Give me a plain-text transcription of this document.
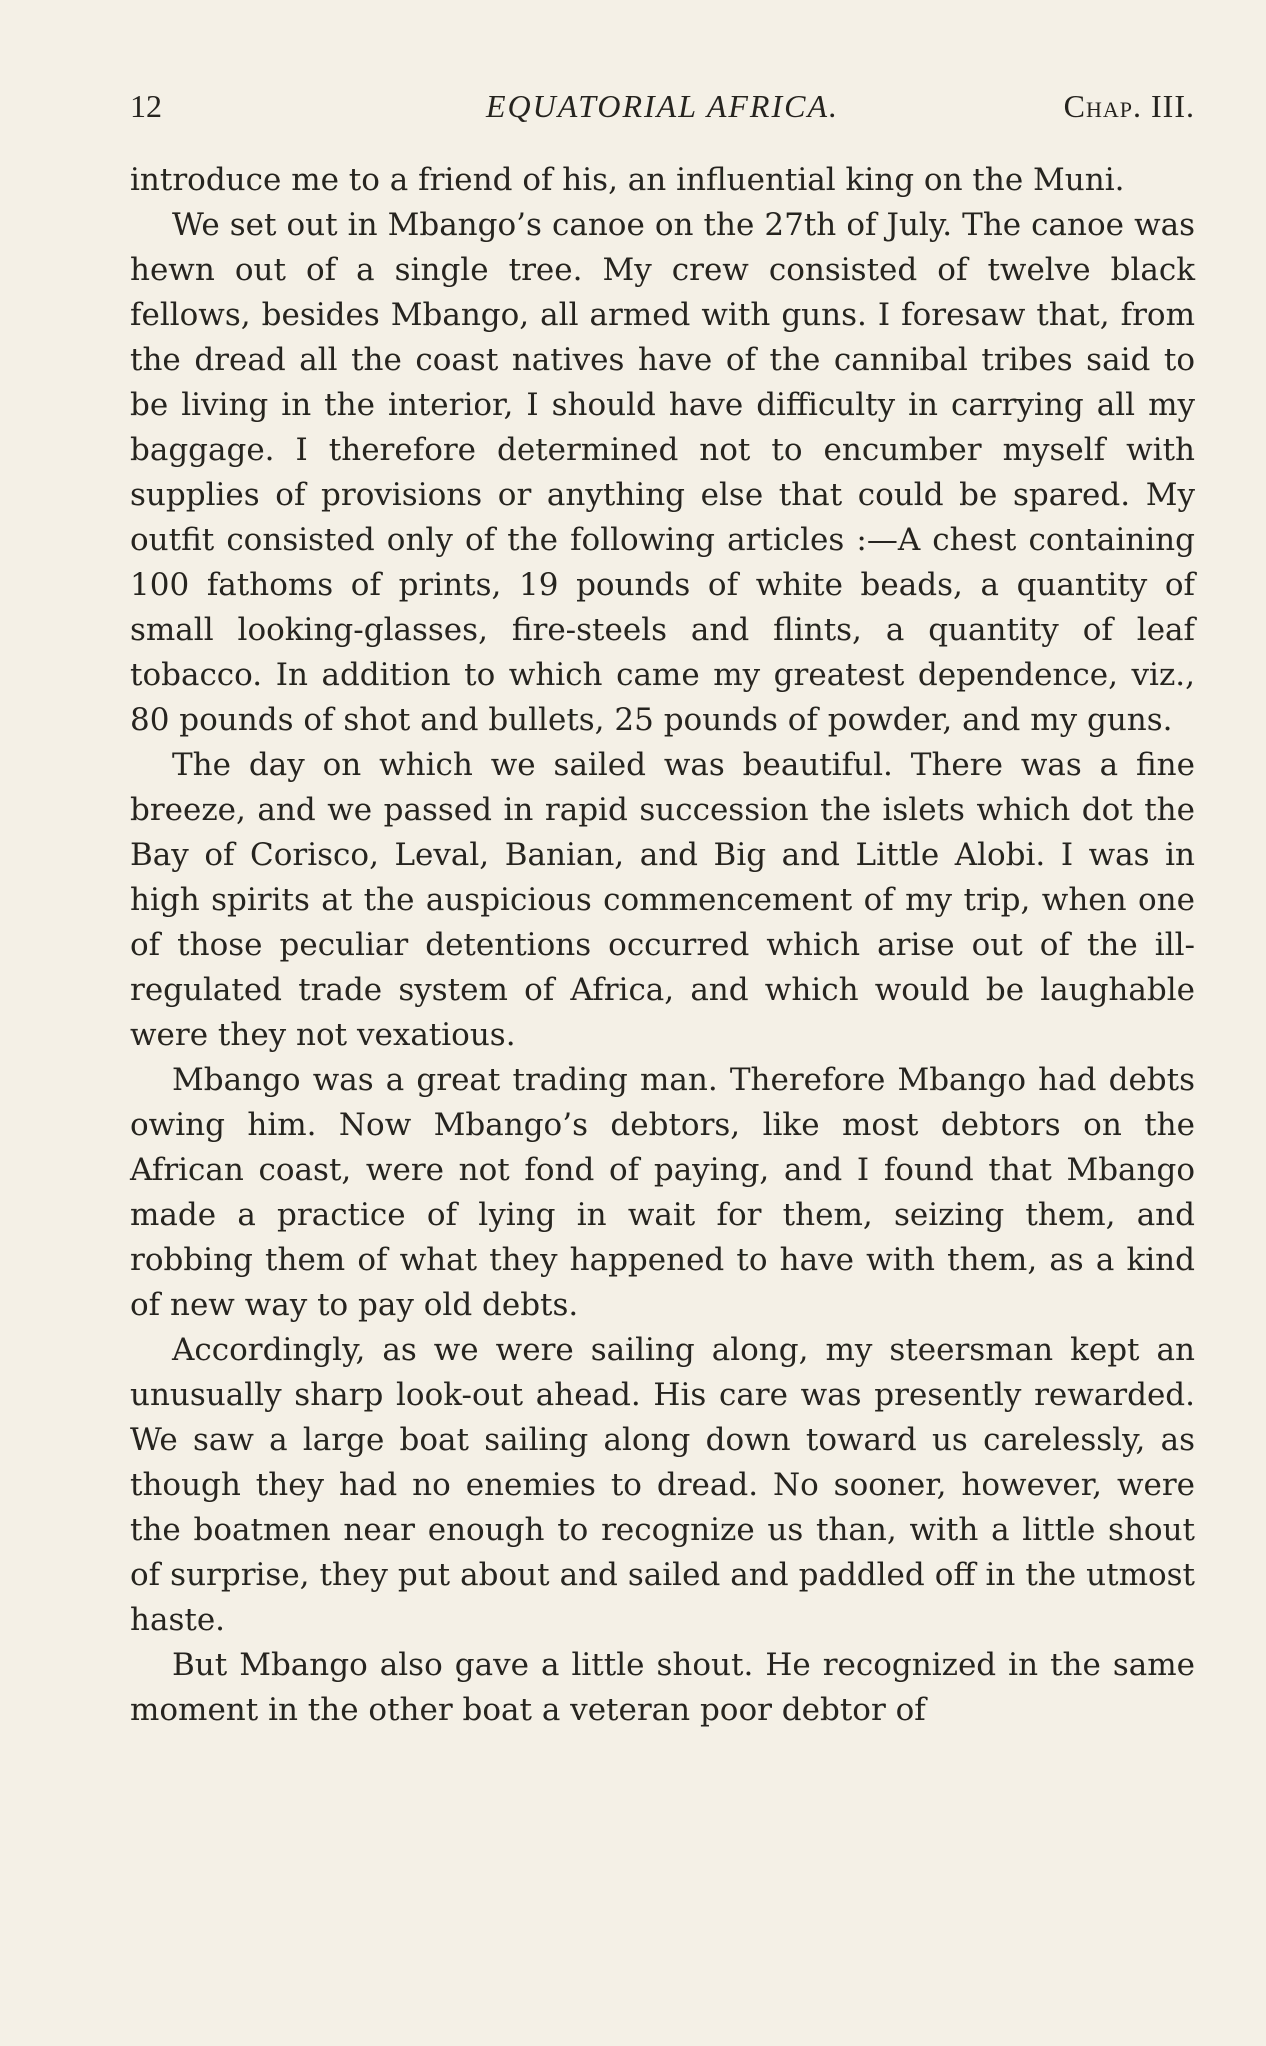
12	EQUATORIAL AFRICA.	Chap. III.

introduce me to a friend of his, an influential king on the Muni.

We set out in Mbango’s canoe on the 27th of July. The canoe was hewn out of a single tree. My crew consisted of twelve black fellows, besides Mbango, all armed with guns. I foresaw that, from the dread all the coast natives have of the cannibal tribes said to be living in the interior, I should have difficulty in carrying all my baggage. I therefore determined not to encumber myself with supplies of provisions or anything else that could be spared. My outfit consisted only of the following articles :—A chest containing 100 fathoms of prints, 19 pounds of white beads, a quantity of small looking-glasses, fire-steels and flints, a quantity of leaf tobacco. In addition to which came my greatest dependence, viz., 80 pounds of shot and bullets, 25 pounds of powder, and my guns.

The day on which we sailed was beautiful. There was a fine breeze, and we passed in rapid succession the islets which dot the Bay of Corisco, Leval, Banian, and Big and Little Alobi. I was in high spirits at the auspicious commencement of my trip, when one of those peculiar detentions occurred which arise out of the ill-regulated trade system of Africa, and which would be laughable were they not vexatious.

Mbango was a great trading man. Therefore Mbango had debts owing him. Now Mbango’s debtors, like most debtors on the African coast, were not fond of paying, and I found that Mbango made a practice of lying in wait for them, seizing them, and robbing them of what they happened to have with them, as a kind of new way to pay old debts.

Accordingly, as we were sailing along, my steersman kept an unusually sharp look-out ahead. His care was presently rewarded. We saw a large boat sailing along down toward us carelessly, as though they had no enemies to dread. No sooner, however, were the boatmen near enough to recognize us than, with a little shout of surprise, they put about and sailed and paddled off in the utmost haste.

But Mbango also gave a little shout. He recognized in the same moment in the other boat a veteran poor debtor of
